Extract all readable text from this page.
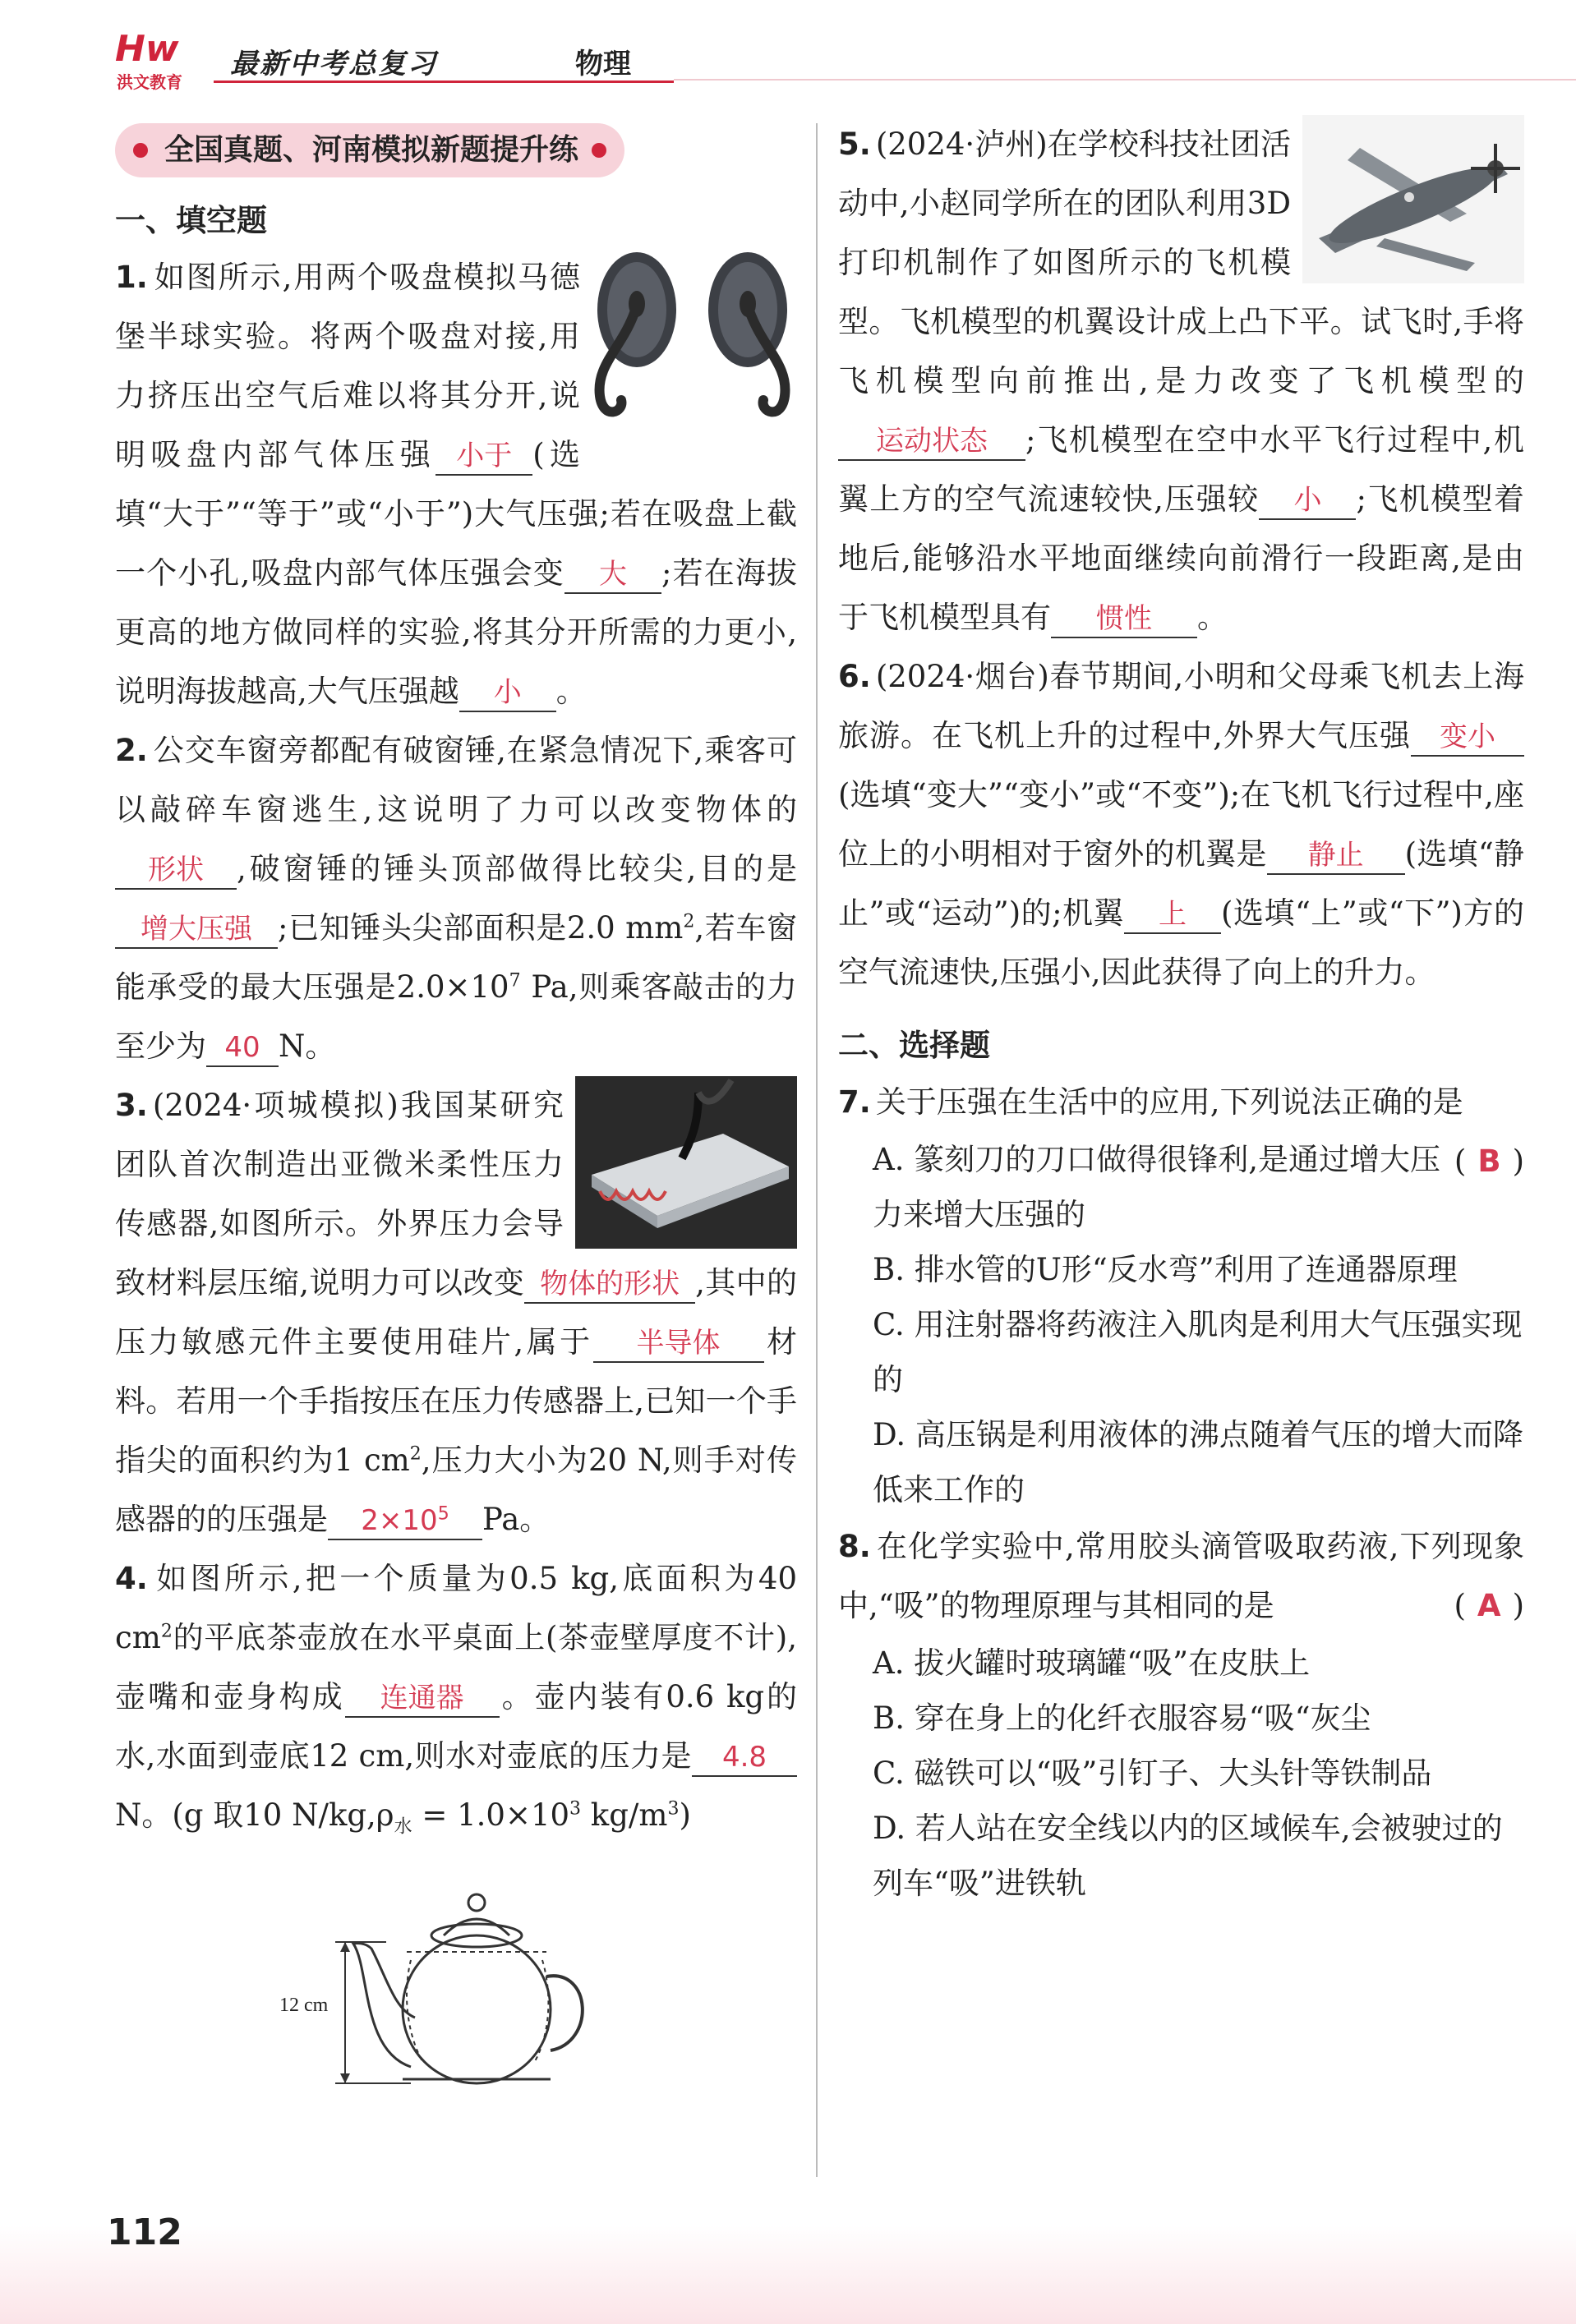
Hw
洪文教育
最新中考总复习	物理
全国真题、河南模拟新题提升练
一、填空题

1. 如图所示,用两个吸盘模拟马德堡半球实验。将两个吸盘对接,用力挤压出空气后难以将其分开,说明吸盘内部气体压强 小于 (选填“大于”“等于”或“小于”)大气压强;若在吸盘上截一个小孔,吸盘内部气体压强会变 大 ;若在海拔更高的地方做同样的实验,将其分开所需的力更小,说明海拔越高,大气压强越 小 。

2. 公交车窗旁都配有破窗锤,在紧急情况下,乘客可以敲碎车窗逃生,这说明了力可以改变物体的形状 ,破窗锤的锤头顶部做得比较尖,目的是增大压强 ;已知锤头尖部面积是2.0 $mm^2$,若车窗能承受的最大压强是$2.0\times 10^7$ Pa,则乘客敲击的力至少为 40 N。

3. (2024·项城模拟)我国某研究团队首次制造出亚微米柔性压力传感器,如图所示。外界压力会导致材料层压缩,说明力可以改变 物体的形状 ,其中的压力敏感元件主要使用硅片,属于 半导体 材料。若用一个手指按压在压力传感器上,已知一个手指尖的面积约为1 $cm^2$,压力大小为20 N,则手对传感器的的压强是 $2\times 10^5$ Pa。

4. 如图所示,把一个质量为0.5 kg,底面积为40 $cm^2$的平底茶壶放在水平桌面上(茶壶壁厚度不计),壶嘴和壶身构成 连通器 。壶内装有0.6 kg的水,水面到壶底12 cm,则水对壶底的压力是 4.8N。(g 取10 $N/kg,\rho_水 = 1.0\times 10^3$ $kg/m^3$)

12 cm

5. (2024·泸州)在学校科技社团活动中,小赵同学所在的团队利用3D打印机制作了如图所示的飞机模型。飞机模型的机翼设计成上凸下平。试飞时,手将飞机模型向前推出,是力改变了飞机模型的运动状态 ;飞机模型在空中水平飞行过程中,机翼上方的空气流速较快,压强较 小 ;飞机模型着地后,能够沿水平地面继续向前滑行一段距离,是由于飞机模型具有 惯性 。

6. (2024·烟台)春节期间,小明和父母乘飞机去上海旅游。在飞机上升的过程中,外界大气压强 变小(选填“变大”“变小”或“不变”);在飞机飞行过程中,座位上的小明相对于窗外的机翼是 静止 (选填“静止”或“运动”)的;机翼 上 (选填“上”或“下”)方的空气流速快,压强小,因此获得了向上的升力。

二、选择题

7. 关于压强在生活中的应用,下列说法正确的是
( B )

A. 篆刻刀的刀口做得很锋利,是通过增大压力来增大压强的

B. 排水管的U形“反水弯”利用了连通器原理

C. 用注射器将药液注入肌肉是利用大气压强实现的

D. 高压锅是利用液体的沸点随着气压的增大而降低来工作的

8. 在化学实验中,常用胶头滴管吸取药液,下列现象中,“吸”的物理原理与其相同的是	( A )

A. 拔火罐时玻璃罐“吸”在皮肤上

B. 穿在身上的化纤衣服容易“吸“灰尘

C. 磁铁可以“吸”引钉子、大头针等铁制品

D. 若人站在安全线以内的区域候车,会被驶过的列车“吸”进铁轨

112
